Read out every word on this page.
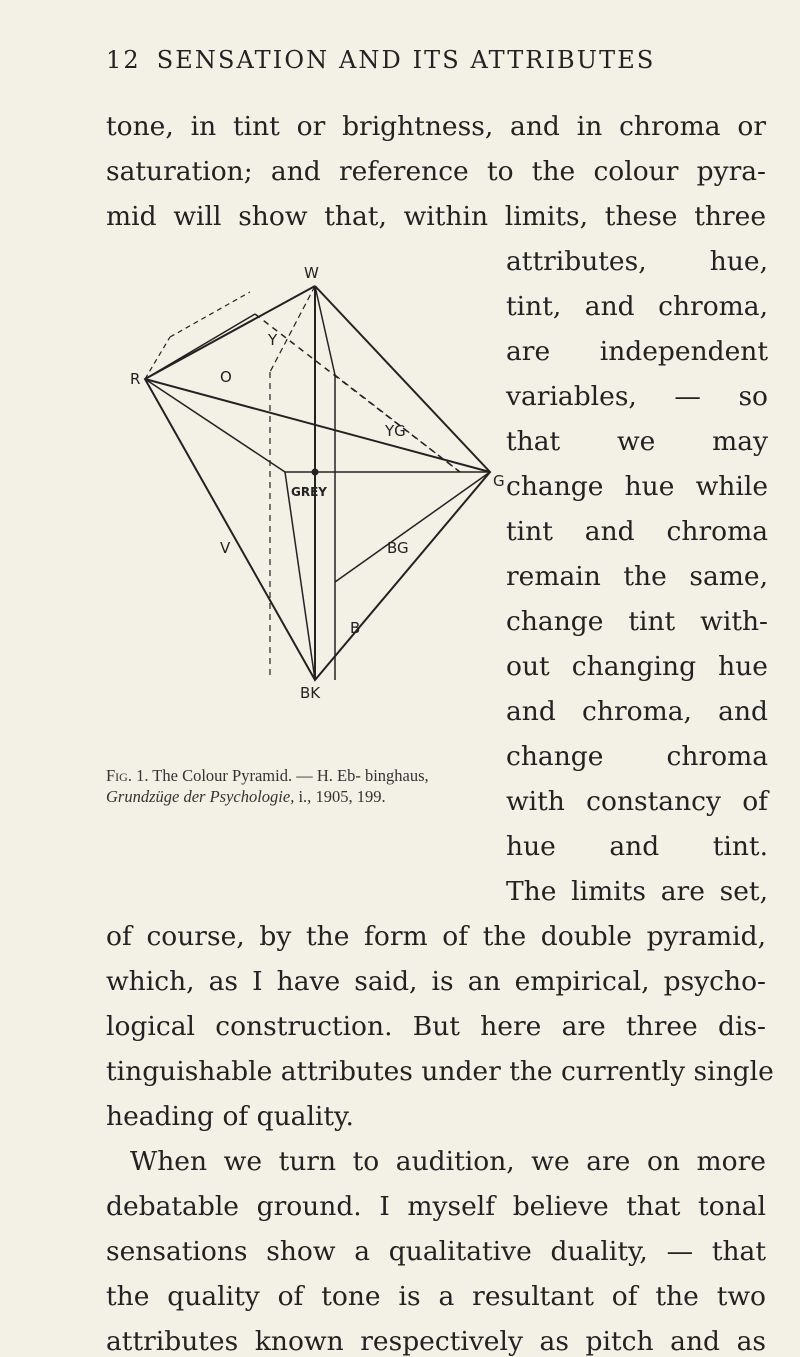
12 SENSATION AND ITS ATTRIBUTES
tone, in tint or brightness, and in chroma or
saturation; and reference to the colour pyra-
mid will show that, within limits, these three
attributes, hue,
tint, and chroma,
are independent
variables, — so
that we may
change hue while
tint and chroma
remain the same,
change tint with-
out changing hue
and chroma, and
change chroma
with constancy of
hue and tint.
The limits are set,
of course, by the form of the double pyramid,
which, as I have said, is an empirical, psycho-
logical construction. But here are three dis-
tinguishable attributes under the currently single
heading of quality.
When we turn to audition, we are on more
debatable ground. I myself believe that tonal
sensations show a qualitative duality, — that
the quality of tone is a resultant of the two
attributes known respectively as pitch and as
W
Y
O
YG
R
G
GREY
V	BG
B
BK
Fig. 1. The Colour Pyramid. — H. Eb- binghaus, Grundzüge der Psychologie, i., 1905, 199.
